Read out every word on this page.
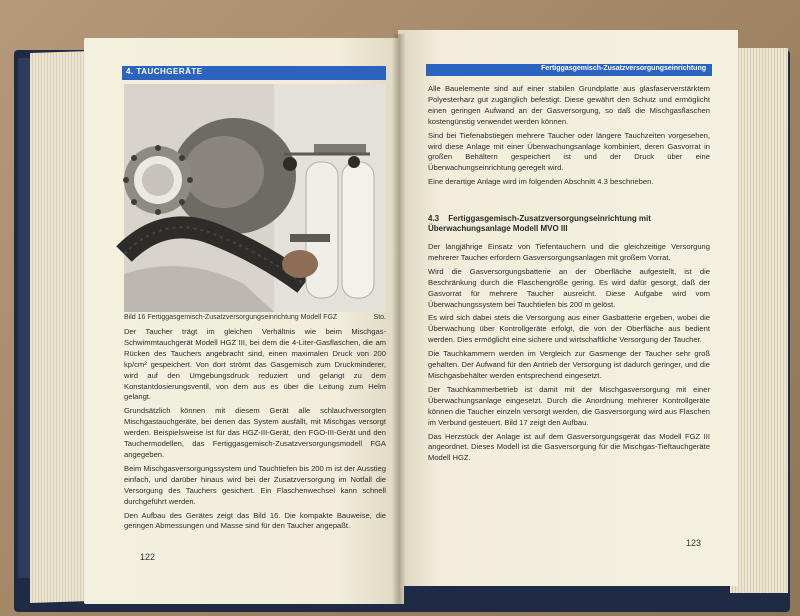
4. TAUCHGERÄTE	Fertiggasgemisch-Zusatzversorgungseinrichtung
Bild 16 Fertiggasgemisch-Zusatzversorgungseinrichtung Modell FGZ	Sto.

Der Taucher trägt im gleichen Verhältnis wie beim Mischgas-Schwimmtauchgerät Modell HGZ III, bei dem die 4-Liter-Gasflaschen, die am Rücken des Tauchers angebracht sind, einen maximalen Druck von 200 kp/cm² gespeichert. Von dort strömt das Gasgemisch zum Druckminderer, wird auf den Umgebungsdruck reduziert und gelangt zu dem Konstantdosierungsventil, von dem aus es über die Leitung zum Helm gelangt.

Grundsätzlich können mit diesem Gerät alle schlauchversorgten Mischgastauchgeräte, bei denen das System ausfällt, mit Mischgas versorgt werden. Beispielsweise ist für das HGZ-III-Gerät, den FGO-III-Gerät und den Tauchermodellen, das Fertiggasgemisch-Zusatzversorgungsmodell FGA angegeben.

Beim Mischgasversorgungssystem und Tauchtiefen bis 200 m ist der Ausstieg einfach, und darüber hinaus wird bei der Zusatzversorgung im Notfall die Versorgung des Tauchers gesichert. Ein Flaschenwechsel kann schnell durchgeführt werden.

Den Aufbau des Gerätes zeigt das Bild 16. Die kompakte Bauweise, die geringen Abmessungen und Masse sind für den Taucher angepaßt.

122

Alle Bauelemente sind auf einer stabilen Grundplatte aus glasfaserverstärktem Polyesterharz gut zugänglich befestigt. Diese gewährt den Schutz und ermöglicht einen geringen Aufwand an der Gasversorgung, so daß die Mischgasflaschen kostengünstig verwendet werden können.

Sind bei Tiefenabstiegen mehrere Taucher oder längere Tauchzeiten vorgesehen, wird diese Anlage mit einer Überwachungsanlage kombiniert, deren Gasvorrat in großen Behältern gespeichert ist und der Druck über eine Überwachungseinrichtung geregelt wird.

Eine derartige Anlage wird im folgenden Abschnitt 4.3 beschrieben.

4.3 Fertiggasgemisch-Zusatzversorgungseinrichtung mit Überwachungsanlage Modell MVO III

Der langjährige Einsatz von Tiefentauchern und die gleichzeitige Versorgung mehrerer Taucher erfordern Gasversorgungsanlagen mit großem Vorrat.

Wird die Gasversorgungsbatterie an der Oberfläche aufgestellt, ist die Beschränkung durch die Flaschengröße gering. Es wird dafür gesorgt, daß der Gasvorrat für mehrere Taucher ausreicht. Diese Aufgabe wird vom Überwachungssystem bei Tauchtiefen bis 200 m gelöst.

Es wird sich dabei stets die Versorgung aus einer Gasbatterie ergeben, wobei die Überwachung über Kontrollgeräte erfolgt, die von der Oberfläche aus bedient werden. Dies ermöglicht eine sichere und wirtschaftliche Versorgung der Taucher.

Die Tauchkammern werden im Vergleich zur Gasmenge der Taucher sehr groß gehalten. Der Aufwand für den Antrieb der Versorgung ist dadurch geringer, und die Mischgasbehälter werden entsprechend eingesetzt.

Der Tauchkammerbetrieb ist damit mit der Mischgasversorgung mit einer Überwachungsanlage eingesetzt. Durch die Anordnung mehrerer Kontrollgeräte können die Taucher einzeln versorgt werden, die Gasversorgung wird aus Flaschen im Verbund gesteuert. Bild 17 zeigt den Aufbau.

Das Herzstück der Anlage ist auf dem Gasversorgungsgerät das Modell FGZ III angeordnet. Dieses Modell ist die Gasversorgung für die Mischgas-Tieftauchgeräte Modell HGZ.

123
